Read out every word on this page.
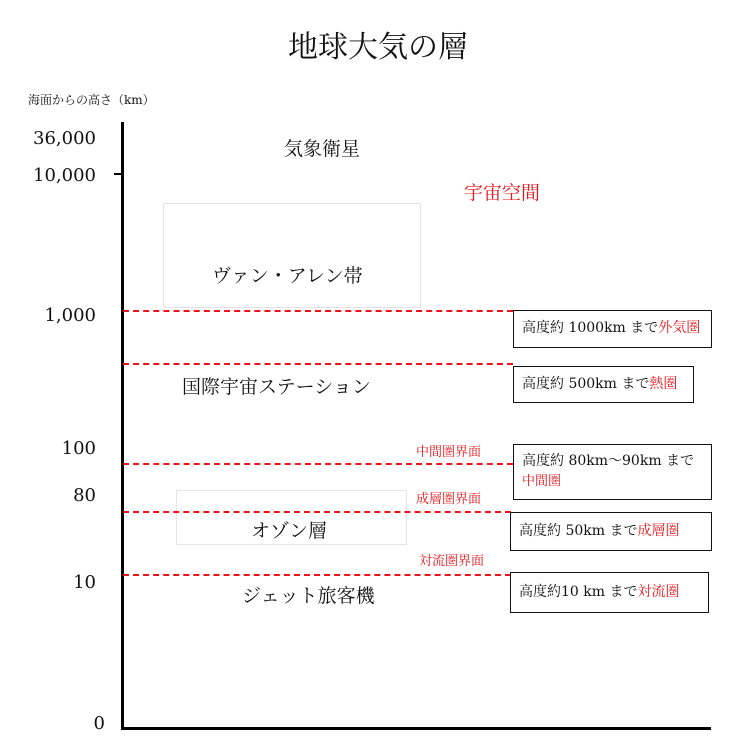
地球大気の層
海面からの高さ（km）
36,000
10,000
1,000
100
80
10
0
気象衛星
宇宙空間
ヴァン・アレン帯
国際宇宙ステーション
オゾン層
ジェット旅客機
中間圏界面
成層圏界面
対流圏界面
高度約 1000km まで外気圏
高度約 500km まで熱圏
高度約 80km〜90km まで
中間圏
高度約 50km まで成層圏
高度約10 km まで対流圏
